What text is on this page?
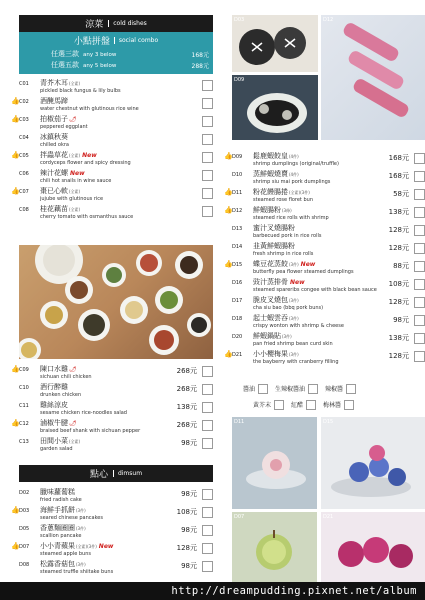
涼菜	cold dishes
小點拼盤	social combo
任選三款 any 3 below	168元
任選五款 any 5 below	288元
C01	青芥木耳(全素)
pickled black fungus & lily bulbs
👍 C02	酒醃馬蹄
water chestnut with glutinous rice wine
👍 C03	拍椒茄子🌶
peppered eggplant
C04	冰鎮秋葵
chilled okra
👍 C05	拌蟲草花(全素) New
cordyceps flower and spicy dressing
C06	辣汁花螺 New
chili hot snails in wine sauce
👍 C07	棗已心軟(全素)
jujube with glutinous rice
C08	桂花藕苗(全素)
cherry tomato with osmanthus sauce
👍 C09	陳口水雞🌶
sichuan chili chicken
268元
C10	酒行醉雞
drunken chicken
268元
C11	雞絲涼皮
sesame chicken rice-noodles salad
138元
👍 C12	滷椒牛腱🌶
braised beef shank with sichuan pepper
268元
C13	田間小菜(全素)
garden salad
98元
點心	dimsum
D02	臘味蘿蔔糕
fried radish cake
98元
👍 D03	海鮮手抓餅(3件)
seared chinese pancakes
108元
D05	香蔥麵圈圈(3件)
scallion pancake
98元
👍 D07	小小青蘋果(全素)(3件) New
steamed apple buns
128元
D08	松露香菇包(3件)
steamed truffle shiitake buns
98元
D03	D12
D09
👍 D09	鬆鹿蝦餃皇(4件)
shrimp dumplings (original/truffle)
168元
D10	蒸鮮蝦燒賣(4件)
shrimp siu mai pork dumplings
168元
👍 D11	粉花饅腸捲(全素)(3件)
steamed rose floret bun
58元
👍 D12	鮮蝦腸粉(3條)
steamed rice rolls with shrimp
138元
D13	蜜汁叉燒腸粉
barbecued pork in rice rolls
128元
D14	韭黃鮮蝦腸粉
fresh shrimp in rice rolls
128元
👍 D15	蝶豆花蒸餃(3件) New
butterfly pea flower steamed dumplings
88元
D16	豉汁蒸排骨 New
steamed spareribs congee with black bean sauce
108元
D17	脆皮叉燒包(3件)
cha siu bao (bbq pork buns)
128元
D18	起士蝦雲吞(3件)
crispy wonton with shrimp & cheese
98元
D20	鮮蝦鍋貼(3件)
pan fried shrimp bean curd skin
138元
👍 D21	小小櫻梅果(3件)
the bayberry with cranberry filling
128元
醬油	生辣椒醬油	辣椒醬
黃芥末	紅醋	梅林醬
D11	D15
D07	D21
http://dreampudding.pixnet.net/album
